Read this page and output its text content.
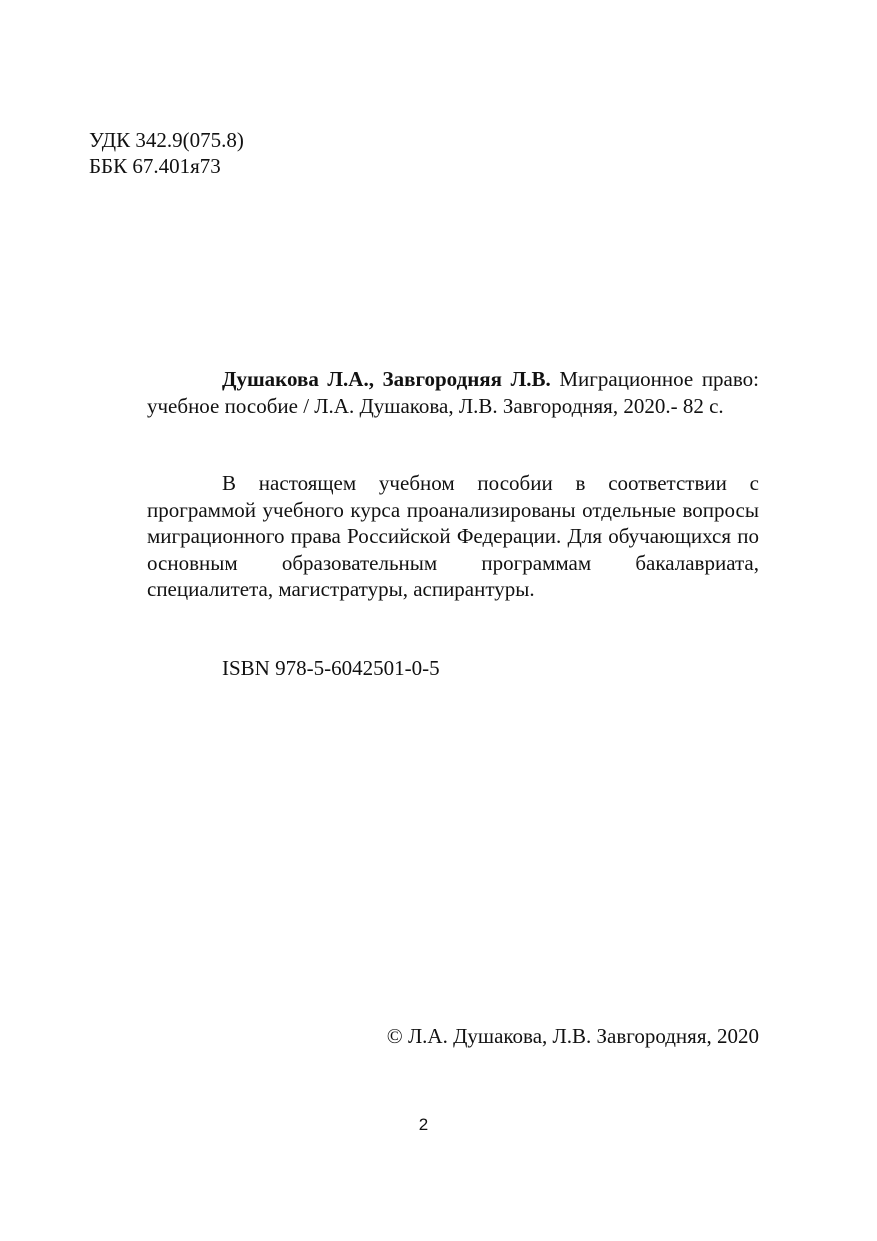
УДК 342.9(075.8)
ББК 67.401я73

Душакова Л.А., Завгородняя Л.В. Миграционное право: учебное пособие / Л.А. Душакова, Л.В. Завгородняя, 2020.- 82 с.

В настоящем учебном пособии в соответствии с программой учебного курса проанализированы отдельные вопросы миграционного права Российской Федерации. Для обучающихся по основным образовательным программам бакалавриата, специалитета, магистратуры, аспирантуры.

ISBN 978-5-6042501-0-5
© Л.А. Душакова, Л.В. Завгородняя, 2020
2
